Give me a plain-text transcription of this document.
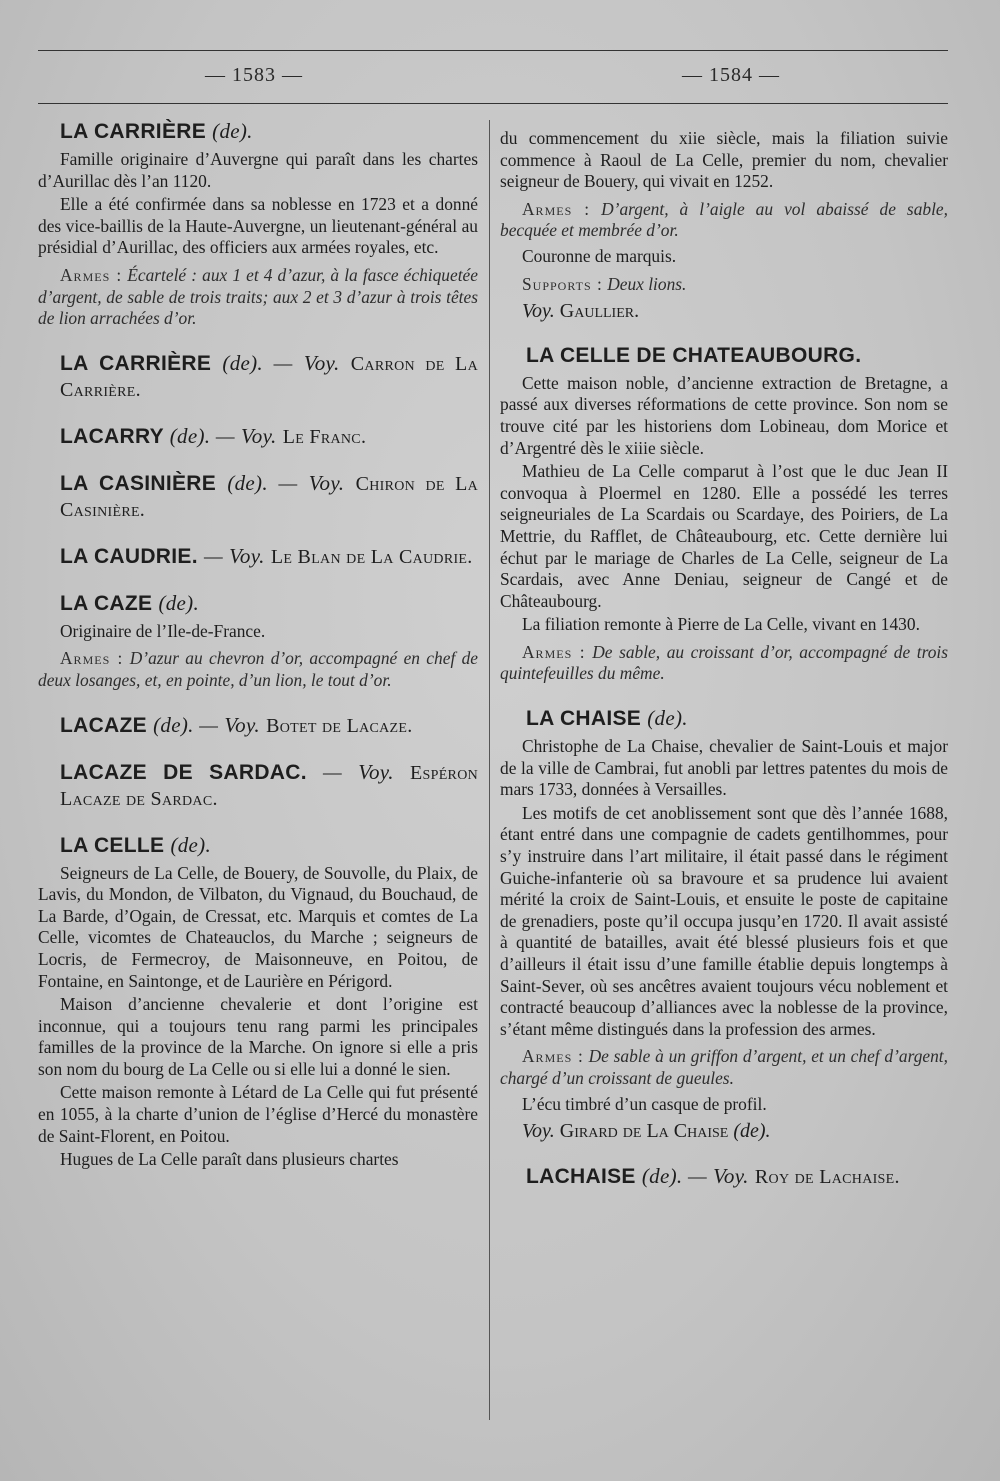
— 1583 —	— 1584 —
LA CARRIÈRE (de).
Famille originaire d’Auvergne qui paraît dans les chartes d’Aurillac dès l’an 1120.
Elle a été confirmée dans sa noblesse en 1723 et a donné des vice-baillis de la Haute-Auvergne, un lieutenant-général au présidial d’Aurillac, des officiers aux armées royales, etc.
Armes : Écartelé : aux 1 et 4 d’azur, à la fasce échiquetée d’argent, de sable de trois traits; aux 2 et 3 d’azur à trois têtes de lion arrachées d’or.
LA CARRIÈRE (de). — Voy. Carron de La Carrière.
LACARRY (de). — Voy. Le Franc.
LA CASINIÈRE (de). — Voy. Chiron de La Casinière.
LA CAUDRIE. — Voy. Le Blan de La Caudrie.
LA CAZE (de).
Originaire de l’Ile-de-France.
Armes : D’azur au chevron d’or, accompagné en chef de deux losanges, et, en pointe, d’un lion, le tout d’or.
LACAZE (de). — Voy. Botet de Lacaze.
LACAZE DE SARDAC. — Voy. Espéron Lacaze de Sardac.
LA CELLE (de).
Seigneurs de La Celle, de Bouery, de Souvolle, du Plaix, de Lavis, du Mondon, de Vilbaton, du Vignaud, du Bouchaud, de La Barde, d’Ogain, de Cressat, etc. Marquis et comtes de La Celle, vicomtes de Chateauclos, du Marche ; seigneurs de Locris, de Fermecroy, de Maisonneuve, en Poitou, de Fontaine, en Saintonge, et de Laurière en Périgord.
Maison d’ancienne chevalerie et dont l’origine est inconnue, qui a toujours tenu rang parmi les principales familles de la province de la Marche. On ignore si elle a pris son nom du bourg de La Celle ou si elle lui a donné le sien.
Cette maison remonte à Létard de La Celle qui fut présenté en 1055, à la charte d’union de l’église d’Hercé du monastère de Saint-Florent, en Poitou.
Hugues de La Celle paraît dans plusieurs chartes
du commencement du xiie siècle, mais la filiation suivie commence à Raoul de La Celle, premier du nom, chevalier seigneur de Bouery, qui vivait en 1252.
Armes : D’argent, à l’aigle au vol abaissé de sable, becquée et membrée d’or.
Couronne de marquis.
Supports : Deux lions.
Voy. Gaullier.
LA CELLE DE CHATEAUBOURG.
Cette maison noble, d’ancienne extraction de Bretagne, a passé aux diverses réformations de cette province. Son nom se trouve cité par les historiens dom Lobineau, dom Morice et d’Argentré dès le xiiie siècle.
Mathieu de La Celle comparut à l’ost que le duc Jean II convoqua à Ploermel en 1280. Elle a possédé les terres seigneuriales de La Scardais ou Scardaye, des Poiriers, de La Mettrie, du Rafflet, de Châteaubourg, etc. Cette dernière lui échut par le mariage de Charles de La Celle, seigneur de La Scardais, avec Anne Deniau, seigneur de Cangé et de Châteaubourg.
La filiation remonte à Pierre de La Celle, vivant en 1430.
Armes : De sable, au croissant d’or, accompagné de trois quintefeuilles du même.
LA CHAISE (de).
Christophe de La Chaise, chevalier de Saint-Louis et major de la ville de Cambrai, fut anobli par lettres patentes du mois de mars 1733, données à Versailles.
Les motifs de cet anoblissement sont que dès l’année 1688, étant entré dans une compagnie de cadets gentilhommes, pour s’y instruire dans l’art militaire, il était passé dans le régiment Guiche-infanterie où sa bravoure et sa prudence lui avaient mérité la croix de Saint-Louis, et ensuite le poste de capitaine de grenadiers, poste qu’il occupa jusqu’en 1720. Il avait assisté à quantité de batailles, avait été blessé plusieurs fois et que d’ailleurs il était issu d’une famille établie depuis longtemps à Saint-Sever, où ses ancêtres avaient toujours vécu noblement et contracté beaucoup d’alliances avec la noblesse de la province, s’étant même distingués dans la profession des armes.
Armes : De sable à un griffon d’argent, et un chef d’argent, chargé d’un croissant de gueules.
L’écu timbré d’un casque de profil.
Voy. Girard de La Chaise (de).
LACHAISE (de). — Voy. Roy de Lachaise.
